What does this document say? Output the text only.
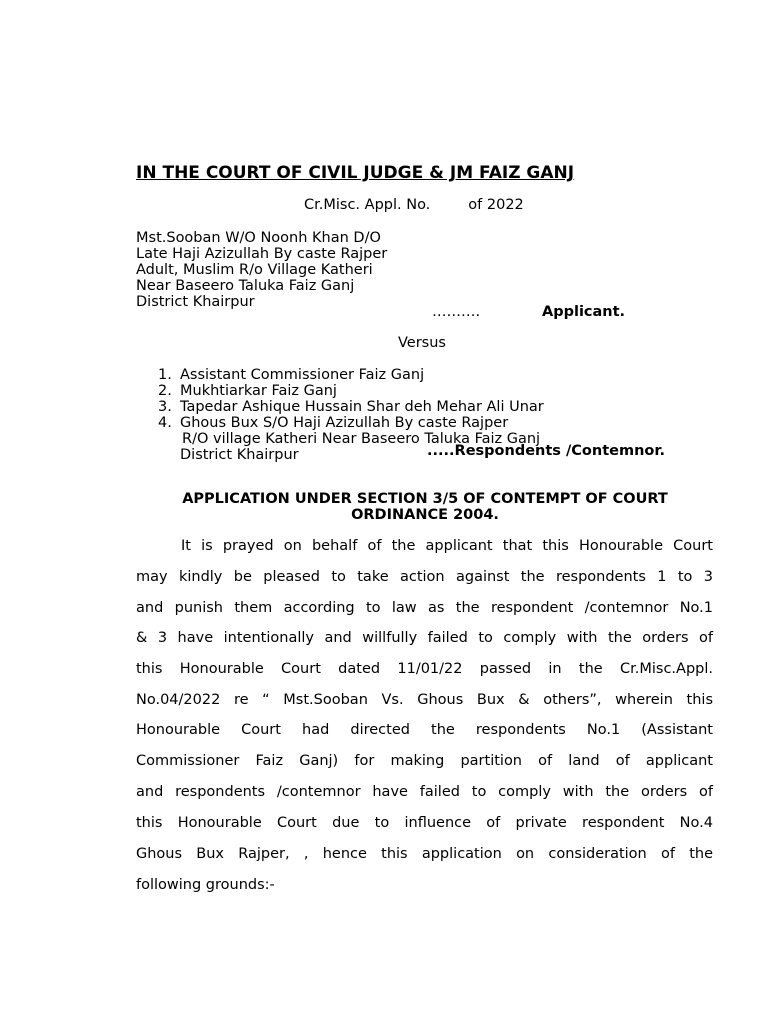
IN THE COURT OF CIVIL JUDGE & JM FAIZ GANJ
Cr.Misc. Appl. No.	of 2022
Mst.Sooban W/O Noonh Khan D/O
Late Haji Azizullah By caste Rajper
Adult, Muslim R/o Village Katheri
Near Baseero Taluka Faiz Ganj
District Khairpur
……….	Applicant.
Versus
1. Assistant Commissioner Faiz Ganj
2. Mukhtiarkar Faiz Ganj
3. Tapedar Ashique Hussain Shar deh Mehar Ali Unar
4. Ghous Bux S/O Haji Azizullah By caste Rajper
R/O village Katheri Near Baseero Taluka Faiz Ganj
District Khairpur	.....Respondents /Contemnor.
APPLICATION UNDER SECTION 3/5 OF CONTEMPT OF COURT ORDINANCE 2004.
It is prayed on behalf of the applicant that this Honourable Court
may kindly be pleased to take action against the respondents 1 to 3
and punish them according to law as the respondent /contemnor No.1
& 3 have intentionally and willfully failed to comply with the orders of
this Honourable Court dated 11/01/22 passed in the Cr.Misc.Appl.
No.04/2022 re “ Mst.Sooban Vs. Ghous Bux & others”, wherein this
Honourable Court had directed the respondents No.1 (Assistant
Commissioner Faiz Ganj) for making partition of land of applicant
and respondents /contemnor have failed to comply with the orders of
this Honourable Court due to influence of private respondent No.4
Ghous Bux Rajper, , hence this application on consideration of the
following grounds:-
